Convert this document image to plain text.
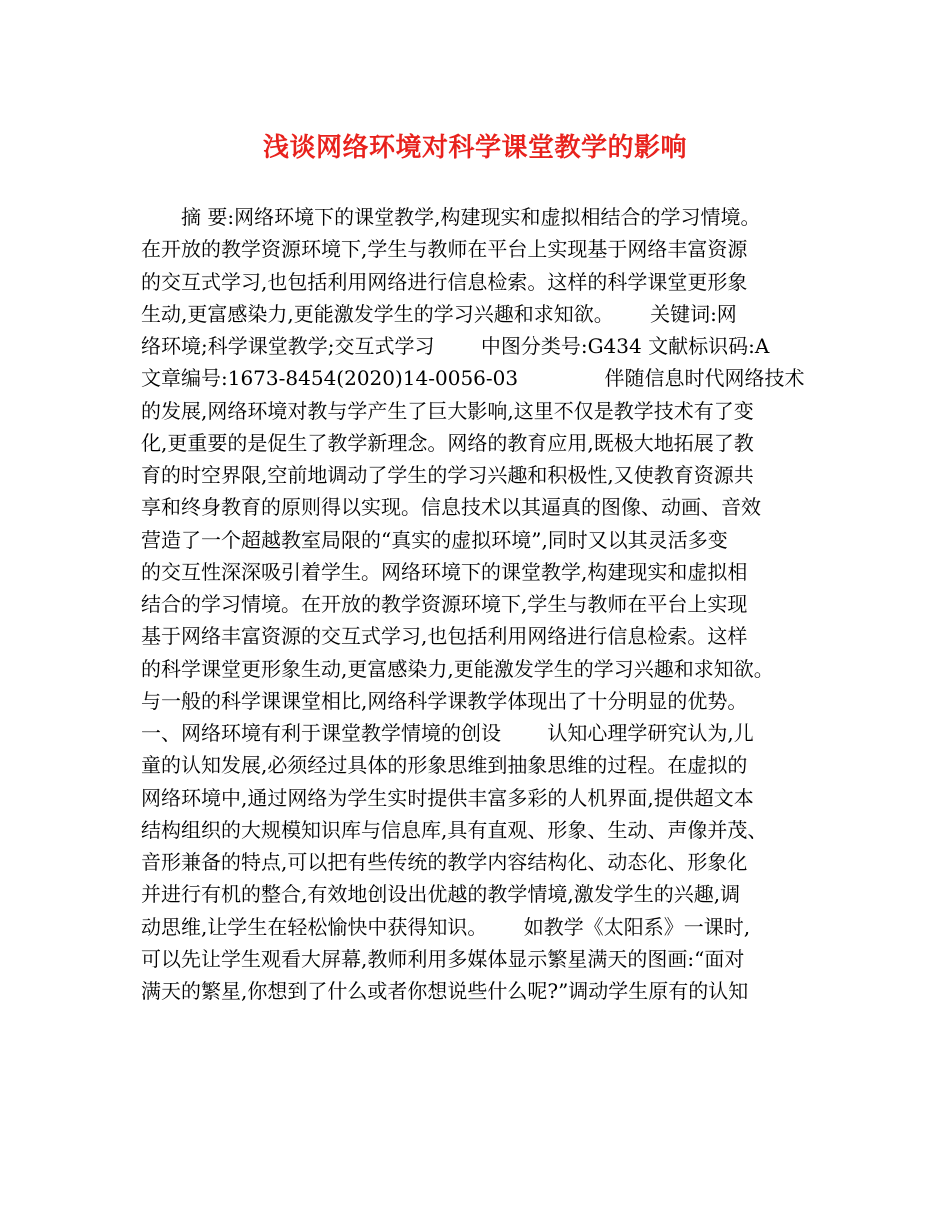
浅谈网络环境对科学课堂教学的影响
　　摘 要:网络环境下的课堂教学,构建现实和虚拟相结合的学习情境。
在开放的教学资源环境下,学生与教师在平台上实现基于网络丰富资源
的交互式学习,也包括利用网络进行信息检索。这样的科学课堂更形象
生动,更富感染力,更能激发学生的学习兴趣和求知欲。　　 关键词:网
络环境;科学课堂教学;交互式学习　　 中图分类号:G434 文献标识码:A
文章编号:1673-8454(2020)14-0056-03　　　　 伴随信息时代网络技术
的发展,网络环境对教与学产生了巨大影响,这里不仅是教学技术有了变
化,更重要的是促生了教学新理念。网络的教育应用,既极大地拓展了教
育的时空界限,空前地调动了学生的学习兴趣和积极性,又使教育资源共
享和终身教育的原则得以实现。信息技术以其逼真的图像、动画、音效
营造了一个超越教室局限的“真实的虚拟环境”,同时又以其灵活多变
的交互性深深吸引着学生。网络环境下的课堂教学,构建现实和虚拟相
结合的学习情境。在开放的教学资源环境下,学生与教师在平台上实现
基于网络丰富资源的交互式学习,也包括利用网络进行信息检索。这样
的科学课堂更形象生动,更富感染力,更能激发学生的学习兴趣和求知欲。
与一般的科学课课堂相比,网络科学课教学体现出了十分明显的优势。
一、网络环境有利于课堂教学情境的创设　　 认知心理学研究认为,儿
童的认知发展,必须经过具体的形象思维到抽象思维的过程。在虚拟的
网络环境中,通过网络为学生实时提供丰富多彩的人机界面,提供超文本
结构组织的大规模知识库与信息库,具有直观、形象、生动、声像并茂、
音形兼备的特点,可以把有些传统的教学内容结构化、动态化、形象化
并进行有机的整合,有效地创设出优越的教学情境,激发学生的兴趣,调
动思维,让学生在轻松愉快中获得知识。　　 如教学《太阳系》一课时,
可以先让学生观看大屏幕,教师利用多媒体显示繁星满天的图画:“面对
满天的繁星,你想到了什么或者你想说些什么呢?”调动学生原有的认知
